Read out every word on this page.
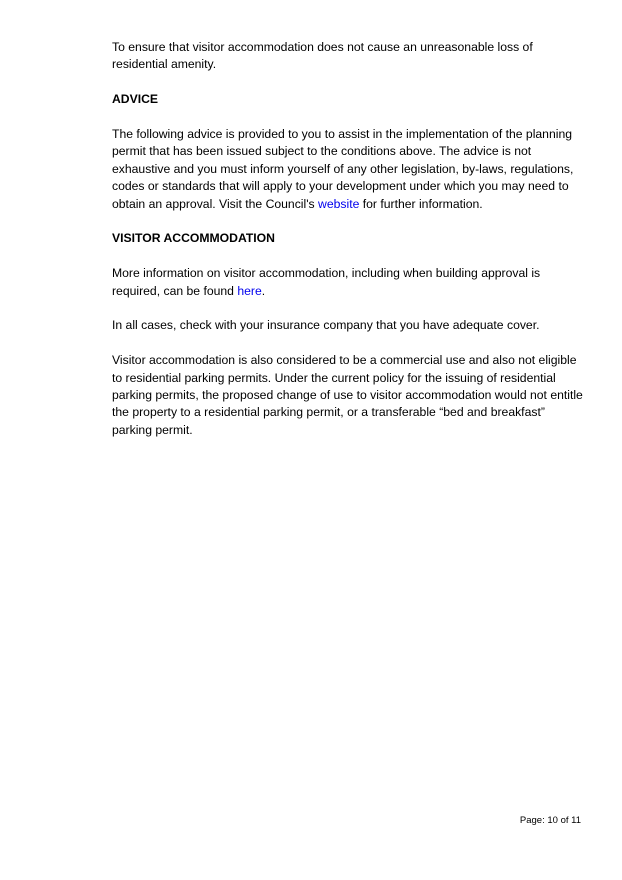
To ensure that visitor accommodation does not cause an unreasonable loss of residential amenity.

ADVICE

The following advice is provided to you to assist in the implementation of the planning permit that has been issued subject to the conditions above. The advice is not exhaustive and you must inform yourself of any other legislation, by-laws, regulations, codes or standards that will apply to your development under which you may need to obtain an approval. Visit the Council's website for further information.

VISITOR ACCOMMODATION

More information on visitor accommodation, including when building approval is required, can be found here.

In all cases, check with your insurance company that you have adequate cover.

Visitor accommodation is also considered to be a commercial use and also not eligible to residential parking permits. Under the current policy for the issuing of residential parking permits, the proposed change of use to visitor accommodation would not entitle the property to a residential parking permit, or a transferable “bed and breakfast” parking permit.

Page: 10 of 11
